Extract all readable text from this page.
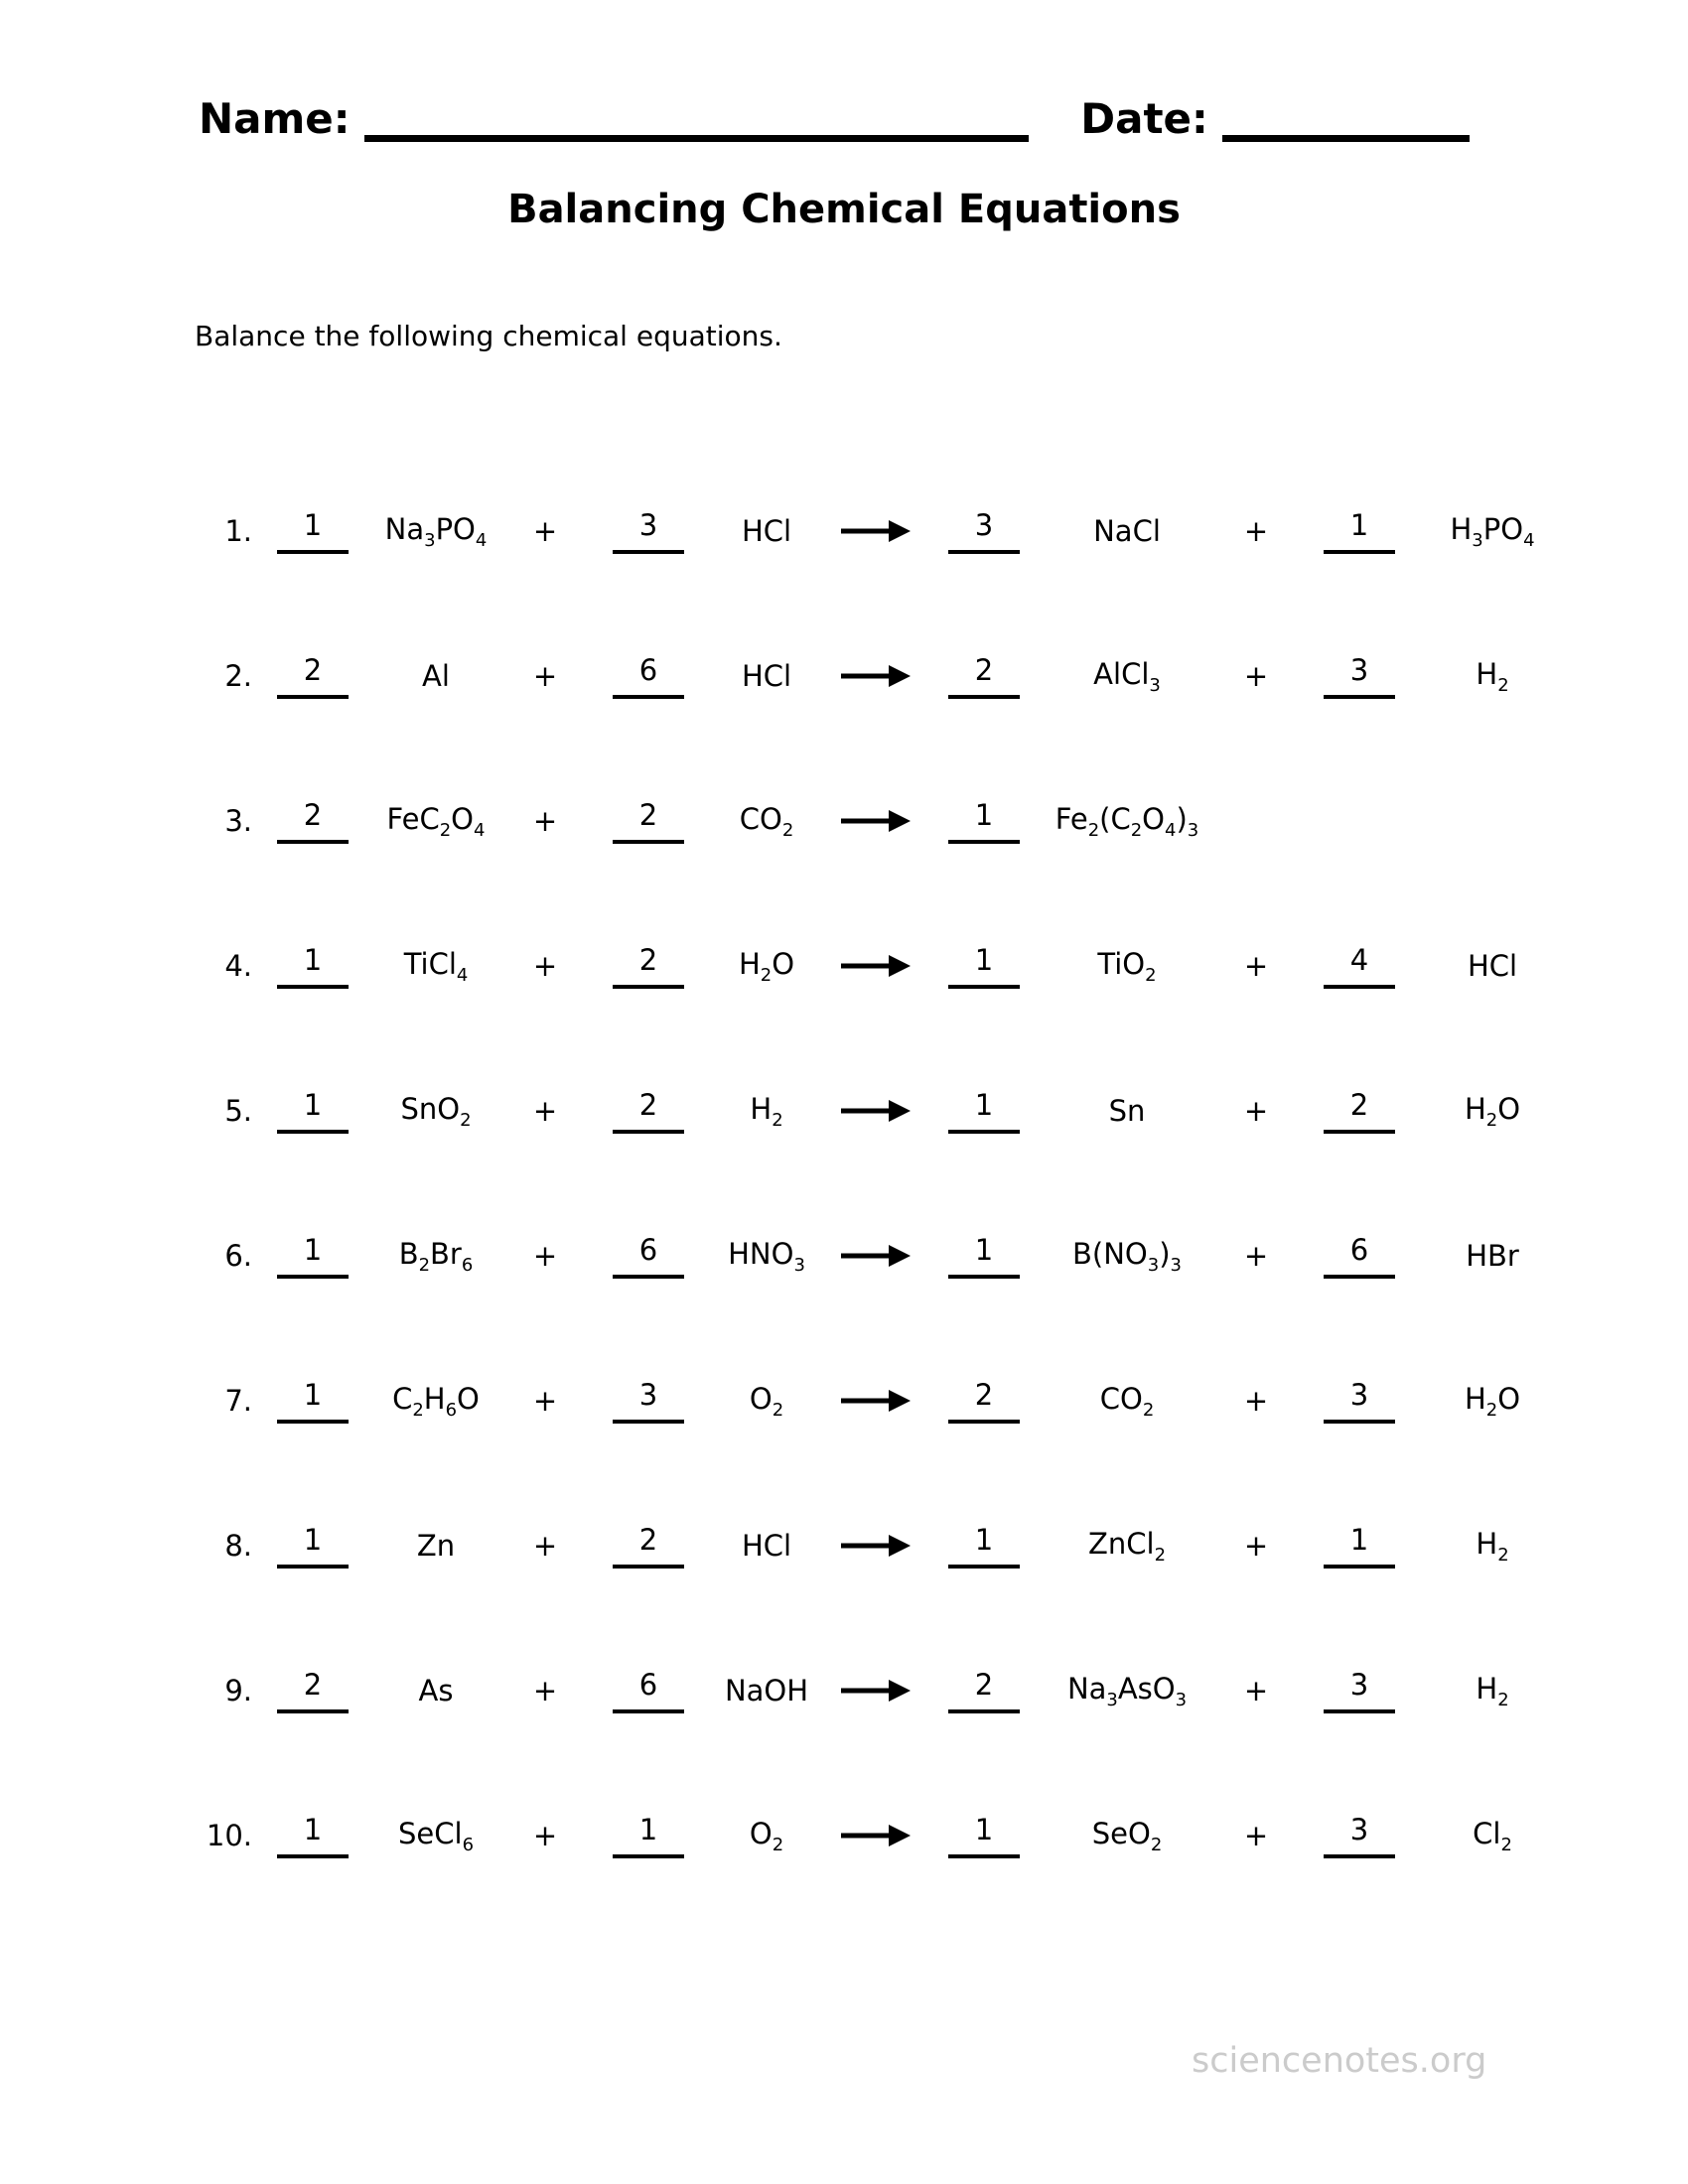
Name:	Date:
Balancing Chemical Equations
Balance the following chemical equations.
1.	1	$Na_3PO_4$	+	3	HCl	→	3	NaCl	+	1	$H_3PO_4$
2.	2	Al	+	6	HCl	→	2	AlCl$_3$	+	3	$H_2$
3.	2	$FeC_2O_4$	+	2	$CO_2$	→	1	$Fe_2(C_2O_4)_3$
4.	1	TiCl$_4$	+	2	$H_2O$	→	1	TiO$_2$	+	4	HCl
5.	1	SnO$_2$	+	2	$H_2$	→	1	Sn	+	2	$H_2O$
6.	1	$B_2Br_6$	+	6	$HNO_3$ →	1	$B(NO_3)_3$	+	6	HBr
7.	1	$C_2H_6O$	+	3	$O_2$	→	2	$CO_2$	+	3	$H_2O$
8.	1	Zn	+	2	HCl	→	1	ZnCl$_2$	+	1	$H_2$
9.	2	As	+	6	NaOH →	2	$Na_3AsO_3$	+	3	$H_2$
10.	1	SeCl$_6$	+	1	$O_2$	→	1	SeO$_2$	+	3	$Cl_2$
sciencenotes.org
